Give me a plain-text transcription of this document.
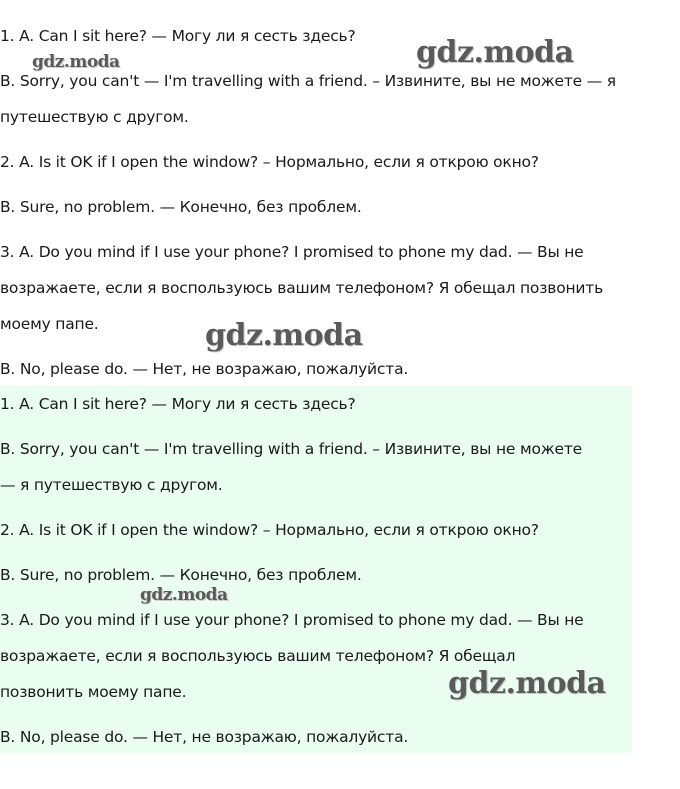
1. A. Can I sit here? — Могу ли я сесть здесь?

B. Sorry, you can't — I'm travelling with a friend. – Извините, вы не можете — я

путешествую с другом.

2. A. Is it OK if I open the window? – Нормально, если я открою окно?

B. Sure, no problem. — Конечно, без проблем.

3. A. Do you mind if I use your phone? I promised to phone my dad. — Вы не

возражаете, если я воспользуюсь вашим телефоном? Я обещал позвонить

моему папе.

B. No, please do. — Нет, не возражаю, пожалуйста.

1. A. Can I sit here? — Могу ли я сесть здесь?

B. Sorry, you can't — I'm travelling with a friend. – Извините, вы не можете

— я путешествую с другом.

2. A. Is it OK if I open the window? – Нормально, если я открою окно?

B. Sure, no problem. — Конечно, без проблем.

3. A. Do you mind if I use your phone? I promised to phone my dad. — Вы не

возражаете, если я воспользуюсь вашим телефоном? Я обещал

позвонить моему папе.

B. No, please do. — Нет, не возражаю, пожалуйста.

gdz.moda
gdz.moda
gdz.moda
gdz.moda
gdz.moda
